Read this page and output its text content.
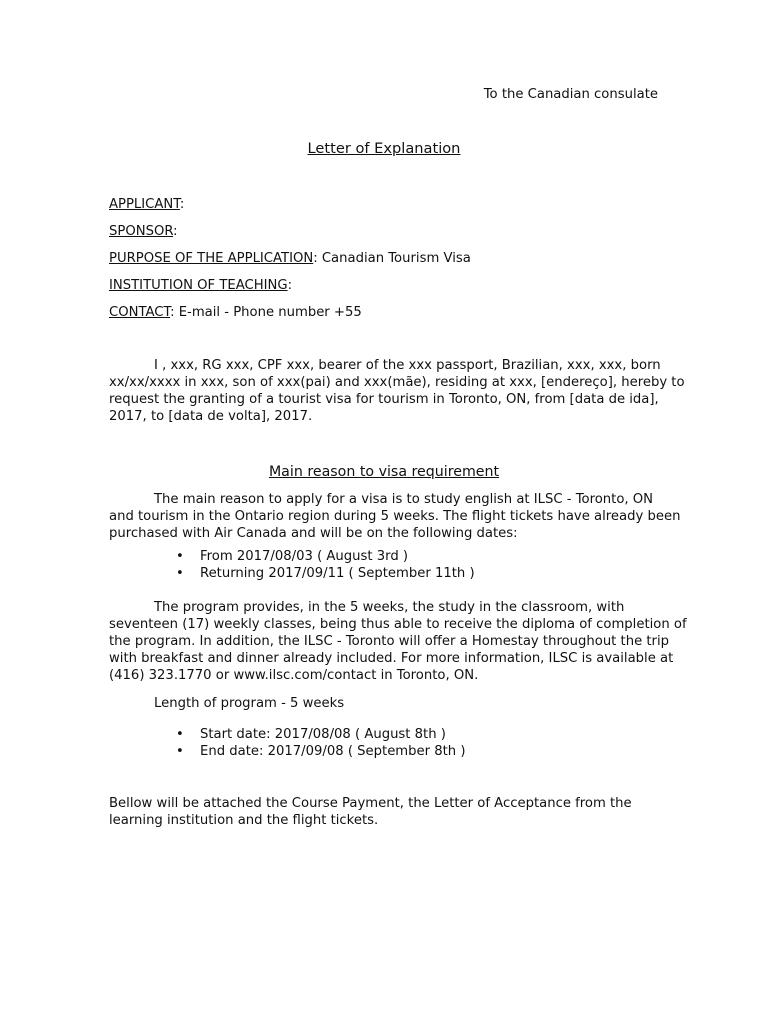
To the Canadian consulate
Letter of Explanation
APPLICANT:
SPONSOR:
PURPOSE OF THE APPLICATION: Canadian Tourism Visa
INSTITUTION OF TEACHING:
CONTACT: E-mail - Phone number +55
I , xxx, RG xxx, CPF xxx, bearer of the xxx passport, Brazilian, xxx, xxx, born
xx/xx/xxxx in xxx, son of xxx(pai) and xxx(mãe), residing at xxx, [endereço], hereby to
request the granting of a tourist visa for tourism in Toronto, ON, from [data de ida],
2017, to [data de volta], 2017.
Main reason to visa requirement
The main reason to apply for a visa is to study english at ILSC - Toronto, ON
and tourism in the Ontario region during 5 weeks. The flight tickets have already been
purchased with Air Canada and will be on the following dates:
• From 2017/08/03 ( August 3rd )
• Returning 2017/09/11 ( September 11th )
The program provides, in the 5 weeks, the study in the classroom, with
seventeen (17) weekly classes, being thus able to receive the diploma of completion of
the program. In addition, the ILSC - Toronto will offer a Homestay throughout the trip
with breakfast and dinner already included. For more information, ILSC is available at
(416) 323.1770 or www.ilsc.com/contact in Toronto, ON.
Length of program - 5 weeks
• Start date: 2017/08/08 ( August 8th )
• End date: 2017/09/08 ( September 8th )
Bellow will be attached the Course Payment, the Letter of Acceptance from the
learning institution and the flight tickets.
